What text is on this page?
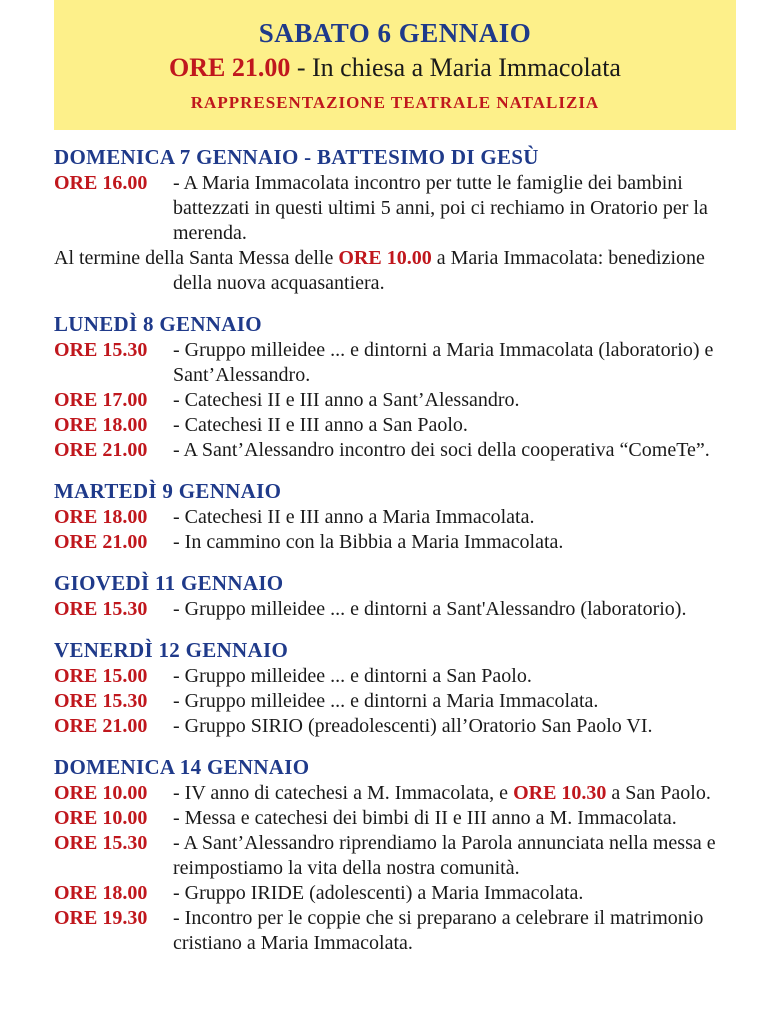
SABATO 6 GENNAIO
ORE 21.00 - In chiesa a Maria Immacolata
RAPPRESENTAZIONE TEATRALE NATALIZIA
DOMENICA 7 GENNAIO - BATTESIMO DI GESÙ
ORE 16.00 - A Maria Immacolata incontro per tutte le famiglie dei bambini battezzati in questi ultimi 5 anni, poi ci rechiamo in Oratorio per la merenda.
Al termine della Santa Messa delle ORE 10.00 a Maria Immacolata: benedizione della nuova acquasantiera.
LUNEDÌ 8 GENNAIO
ORE 15.30 - Gruppo milleidee ... e dintorni a Maria Immacolata (laboratorio) e Sant’Alessandro.
ORE 17.00 - Catechesi II e III anno a Sant’Alessandro.
ORE 18.00 - Catechesi II e III anno a San Paolo.
ORE 21.00 - A Sant’Alessandro incontro dei soci della cooperativa “ComeTe”.
MARTEDÌ 9 GENNAIO
ORE 18.00 - Catechesi II e III anno a Maria Immacolata.
ORE 21.00 - In cammino con la Bibbia a Maria Immacolata.
GIOVEDÌ 11 GENNAIO
ORE 15.30 - Gruppo milleidee ... e dintorni a Sant'Alessandro (laboratorio).
VENERDÌ 12 GENNAIO
ORE 15.00 - Gruppo milleidee ... e dintorni a San Paolo.
ORE 15.30 - Gruppo milleidee ... e dintorni a Maria Immacolata.
ORE 21.00 - Gruppo SIRIO (preadolescenti) all’Oratorio San Paolo VI.
DOMENICA 14 GENNAIO
ORE 10.00 - IV anno di catechesi a M. Immacolata, e ORE 10.30 a San Paolo.
ORE 10.00 - Messa e catechesi dei bimbi di II e III anno a M. Immacolata.
ORE 15.30 - A Sant’Alessandro riprendiamo la Parola annunciata nella messa e reimpostiamo la vita della nostra comunità.
ORE 18.00 - Gruppo IRIDE (adolescenti) a Maria Immacolata.
ORE 19.30 - Incontro per le coppie che si preparano a celebrare il matrimonio cristiano a Maria Immacolata.
